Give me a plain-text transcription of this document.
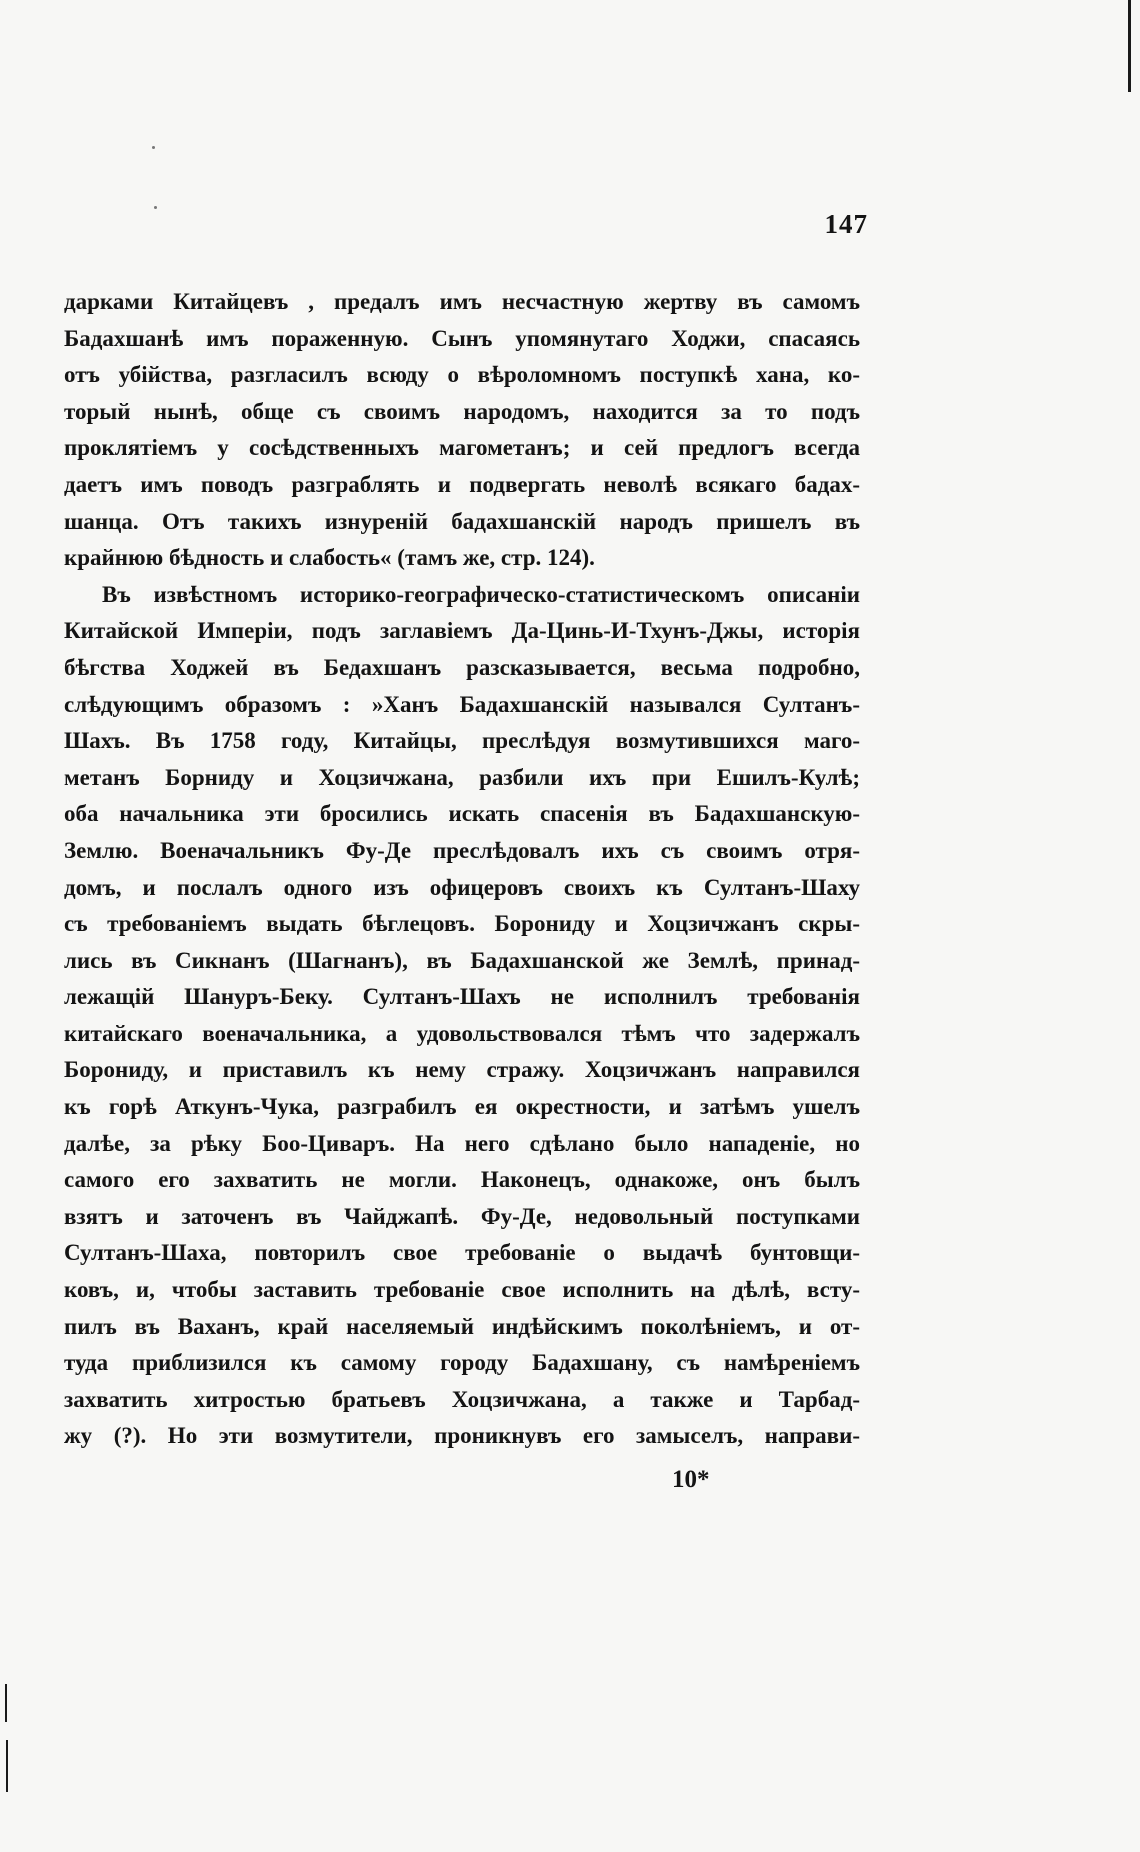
147
дарками Китайцевъ , предалъ имъ несчастную жертву въ самомъ
Бадахшанѣ имъ пораженную. Сынъ упомянутаго Ходжи, спасаясь
отъ убійства, разгласилъ всюду о вѣроломномъ поступкѣ хана, ко-
торый нынѣ, обще съ своимъ народомъ, находится за то подъ
проклятіемъ у сосѣдственныхъ магометанъ; и сей предлогъ всегда
даетъ имъ поводъ разграблять и подвергать неволѣ всякаго бадах-
шанца. Отъ такихъ изнуреній бадахшанскій народъ пришелъ въ
крайнюю бѣдность и слабость« (тамъ же, стр. 124).
Въ извѣстномъ историко-географическо-статистическомъ описаніи
Китайской Имперіи, подъ заглавіемъ Да-Цинь-И-Тхунъ-Джы, исторія
бѣгства Ходжей въ Бедахшанъ разсказывается, весьма подробно,
слѣдующимъ образомъ : »Ханъ Бадахшанскій назывался Султанъ-
Шахъ. Въ 1758 году, Китайцы, преслѣдуя возмутившихся маго-
метанъ Борниду и Хоцзичжана, разбили ихъ при Ешилъ-Кулѣ;
оба начальника эти бросились искать спасенія въ Бадахшанскую-
Землю. Военачальникъ Фу-Де преслѣдовалъ ихъ съ своимъ отря-
домъ, и послалъ одного изъ офицеровъ своихъ къ Султанъ-Шаху
съ требованіемъ выдать бѣглецовъ. Борониду и Хоцзичжанъ скры-
лись въ Сикнанъ (Шагнанъ), въ Бадахшанской же Землѣ, принад-
лежащій Шануръ-Беку. Султанъ-Шахъ не исполнилъ требованія
китайскаго военачальника, а удовольствовался тѣмъ что задержалъ
Борониду, и приставилъ къ нему стражу. Хоцзичжанъ направился
къ горѣ Аткунъ-Чука, разграбилъ ея окрестности, и затѣмъ ушелъ
далѣе, за рѣку Боо-Циваръ. На него сдѣлано было нападеніе, но
самого его захватить не могли. Наконецъ, однакоже, онъ былъ
взятъ и заточенъ въ Чайджапѣ. Фу-Де, недовольный поступками
Султанъ-Шаха, повторилъ свое требованіе о выдачѣ бунтовщи-
ковъ, и, чтобы заставить требованіе свое исполнить на дѣлѣ, всту-
пилъ въ Ваханъ, край населяемый индѣйскимъ поколѣніемъ, и от-
туда приблизился къ самому городу Бадахшану, съ намѣреніемъ
захватить хитростью братьевъ Хоцзичжана, а также и Тарбад-
жу (?). Но эти возмутители, проникнувъ его замыселъ, направи-
10*
